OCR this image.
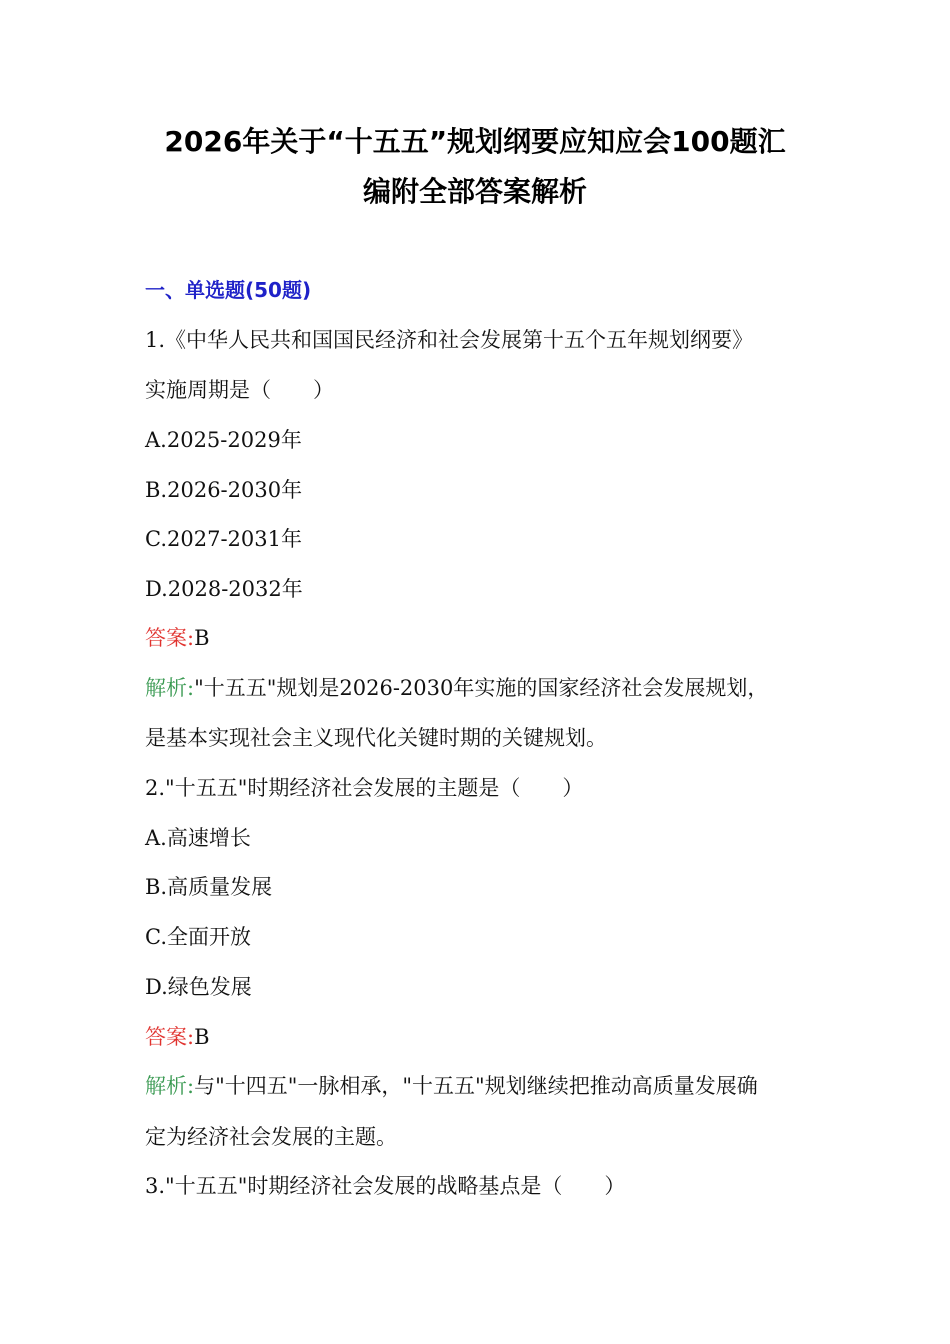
2026年关于“十五五”规划纲要应知应会100题汇
编附全部答案解析
一、单选题(50题)
1.《中华人民共和国国民经济和社会发展第十五个五年规划纲要》
实施周期是（　　）
A.2025-2029年
B.2026-2030年
C.2027-2031年
D.2028-2032年
答案:B
解析:"十五五"规划是2026-2030年实施的国家经济社会发展规划，
是基本实现社会主义现代化关键时期的关键规划。
2."十五五"时期经济社会发展的主题是（　　）
A.高速增长
B.高质量发展
C.全面开放
D.绿色发展
答案:B
解析:与"十四五"一脉相承，"十五五"规划继续把推动高质量发展确
定为经济社会发展的主题。
3."十五五"时期经济社会发展的战略基点是（　　）
